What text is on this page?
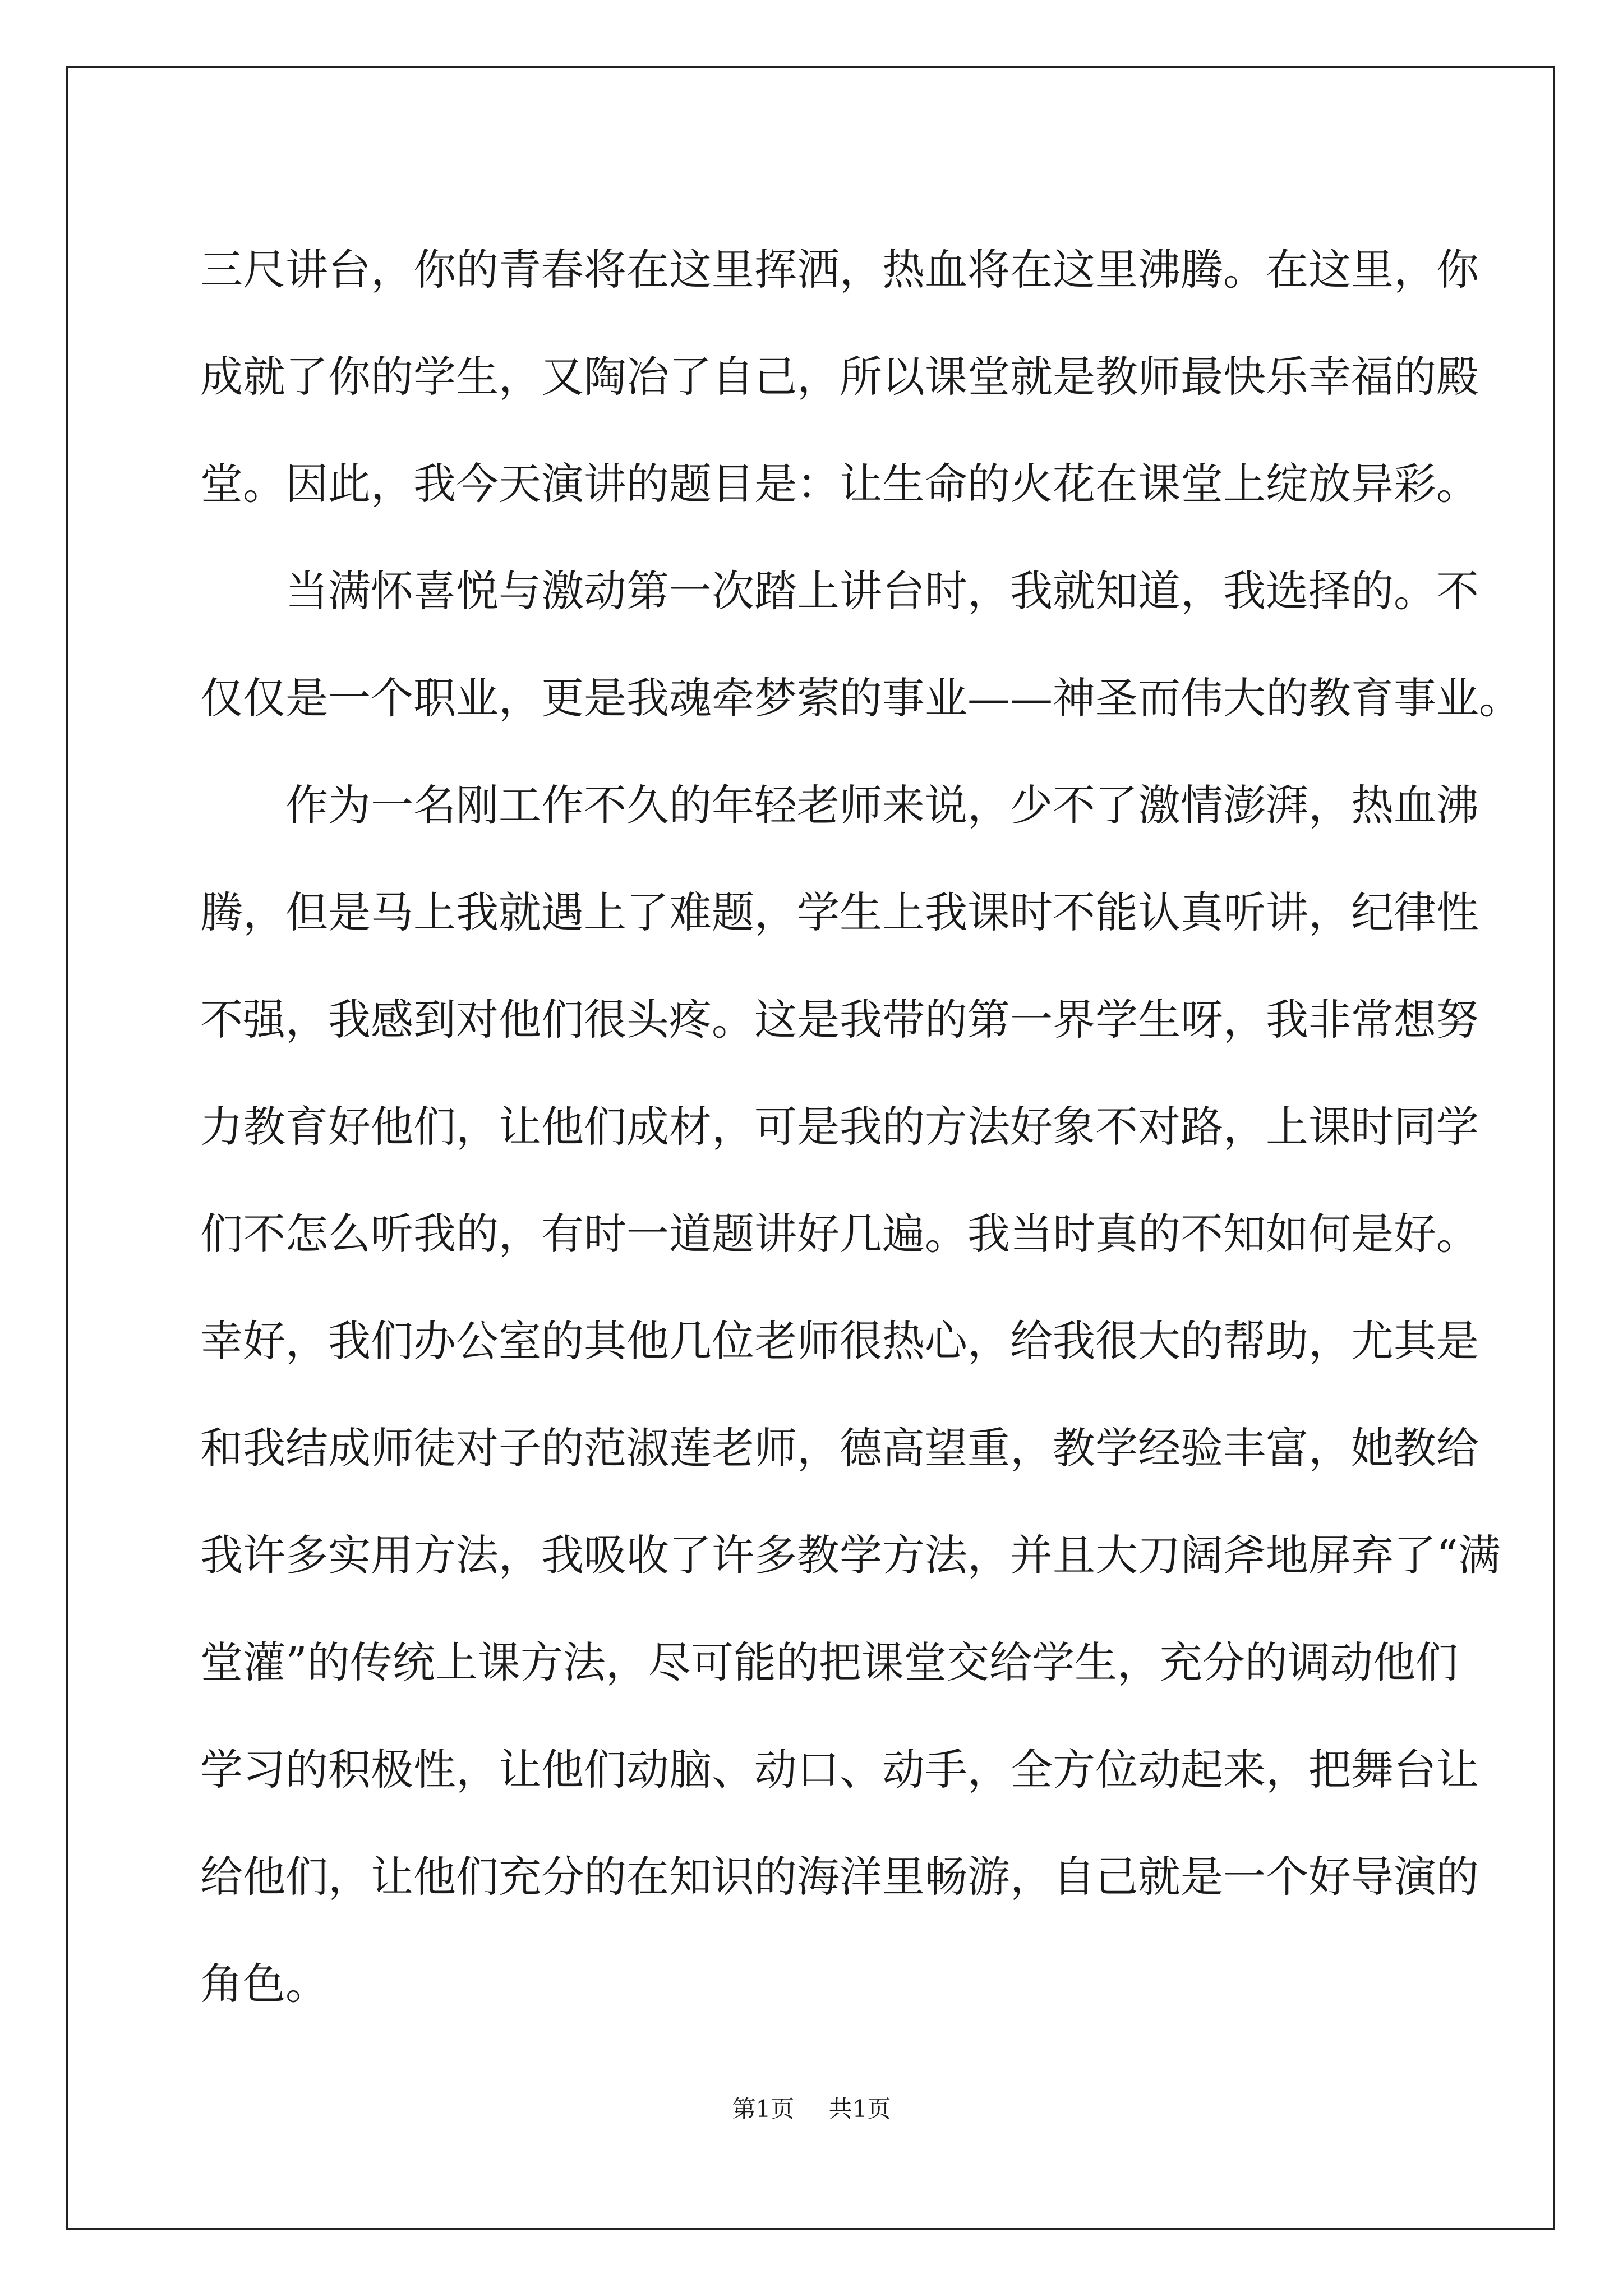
三尺讲台，你的青春将在这里挥洒，热血将在这里沸腾。在这里，你
成就了你的学生，又陶冶了自己，所以课堂就是教师最快乐幸福的殿
堂。因此，我今天演讲的题目是：让生命的火花在课堂上绽放异彩。
当满怀喜悦与激动第一次踏上讲台时，我就知道，我选择的。不
仅仅是一个职业，更是我魂牵梦萦的事业——神圣而伟大的教育事业。
作为一名刚工作不久的年轻老师来说，少不了激情澎湃，热血沸
腾，但是马上我就遇上了难题，学生上我课时不能认真听讲，纪律性
不强，我感到对他们很头疼。这是我带的第一界学生呀，我非常想努
力教育好他们，让他们成材，可是我的方法好象不对路，上课时同学
们不怎么听我的，有时一道题讲好几遍。我当时真的不知如何是好。
幸好，我们办公室的其他几位老师很热心，给我很大的帮助，尤其是
和我结成师徒对子的范淑莲老师，德高望重，教学经验丰富，她教给
我许多实用方法，我吸收了许多教学方法，并且大刀阔斧地屏弃了“满
堂灌”的传统上课方法，尽可能的把课堂交给学生，充分的调动他们
学习的积极性，让他们动脑、动口、动手，全方位动起来，把舞台让
给他们，让他们充分的在知识的海洋里畅游，自己就是一个好导演的
角色。
第1页 共1页
